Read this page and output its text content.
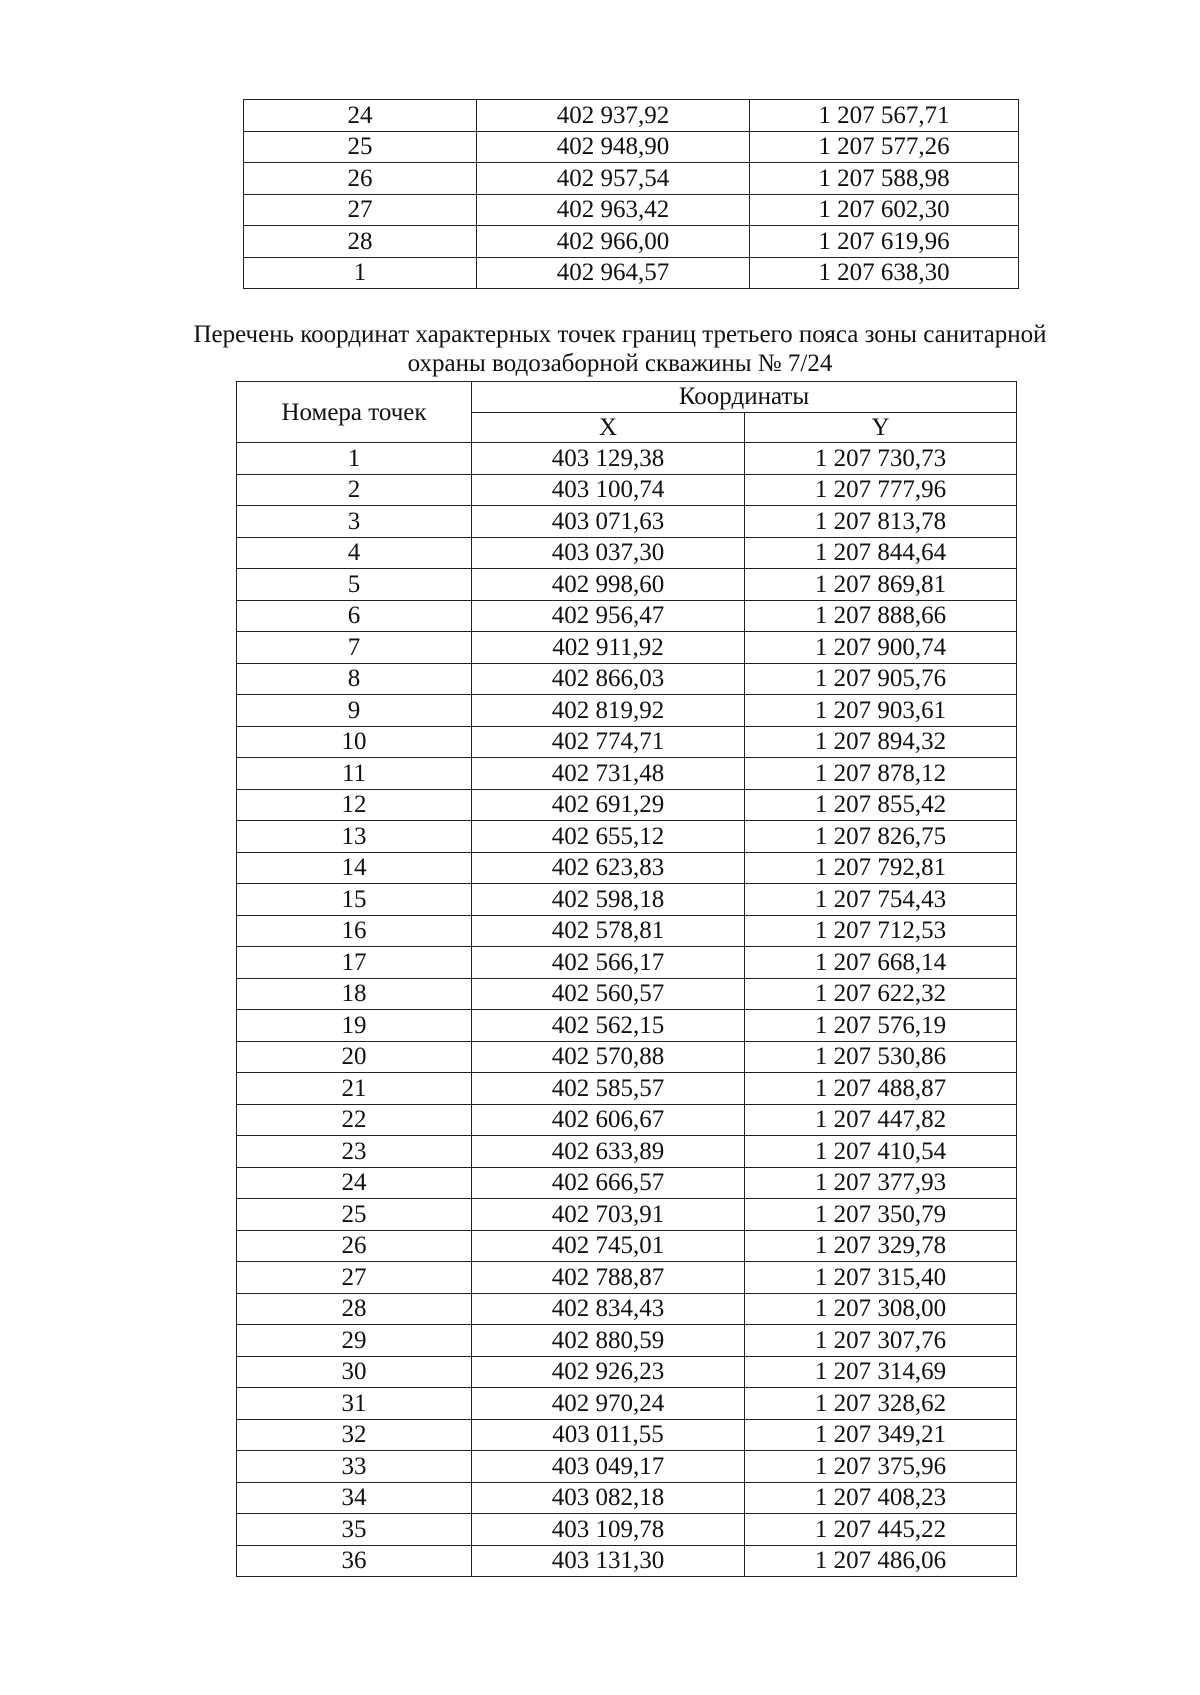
24	402 937,92	1 207 567,71
25	402 948,90	1 207 577,26
26	402 957,54	1 207 588,98
27	402 963,42	1 207 602,30
28	402 966,00	1 207 619,96
1	402 964,57	1 207 638,30
Перечень координат характерных точек границ третьего пояса зоны санитарной
охраны водозаборной скважины № 7/24
Номера точек	Координаты	
	X	Y
1	403 129,38	1 207 730,73
2	403 100,74	1 207 777,96
3	403 071,63	1 207 813,78
4	403 037,30	1 207 844,64
5	402 998,60	1 207 869,81
6	402 956,47	1 207 888,66
7	402 911,92	1 207 900,74
8	402 866,03	1 207 905,76
9	402 819,92	1 207 903,61
10	402 774,71	1 207 894,32
11	402 731,48	1 207 878,12
12	402 691,29	1 207 855,42
13	402 655,12	1 207 826,75
14	402 623,83	1 207 792,81
15	402 598,18	1 207 754,43
16	402 578,81	1 207 712,53
17	402 566,17	1 207 668,14
18	402 560,57	1 207 622,32
19	402 562,15	1 207 576,19
20	402 570,88	1 207 530,86
21	402 585,57	1 207 488,87
22	402 606,67	1 207 447,82
23	402 633,89	1 207 410,54
24	402 666,57	1 207 377,93
25	402 703,91	1 207 350,79
26	402 745,01	1 207 329,78
27	402 788,87	1 207 315,40
28	402 834,43	1 207 308,00
29	402 880,59	1 207 307,76
30	402 926,23	1 207 314,69
31	402 970,24	1 207 328,62
32	403 011,55	1 207 349,21
33	403 049,17	1 207 375,96
34	403 082,18	1 207 408,23
35	403 109,78	1 207 445,22
36	403 131,30	1 207 486,06
